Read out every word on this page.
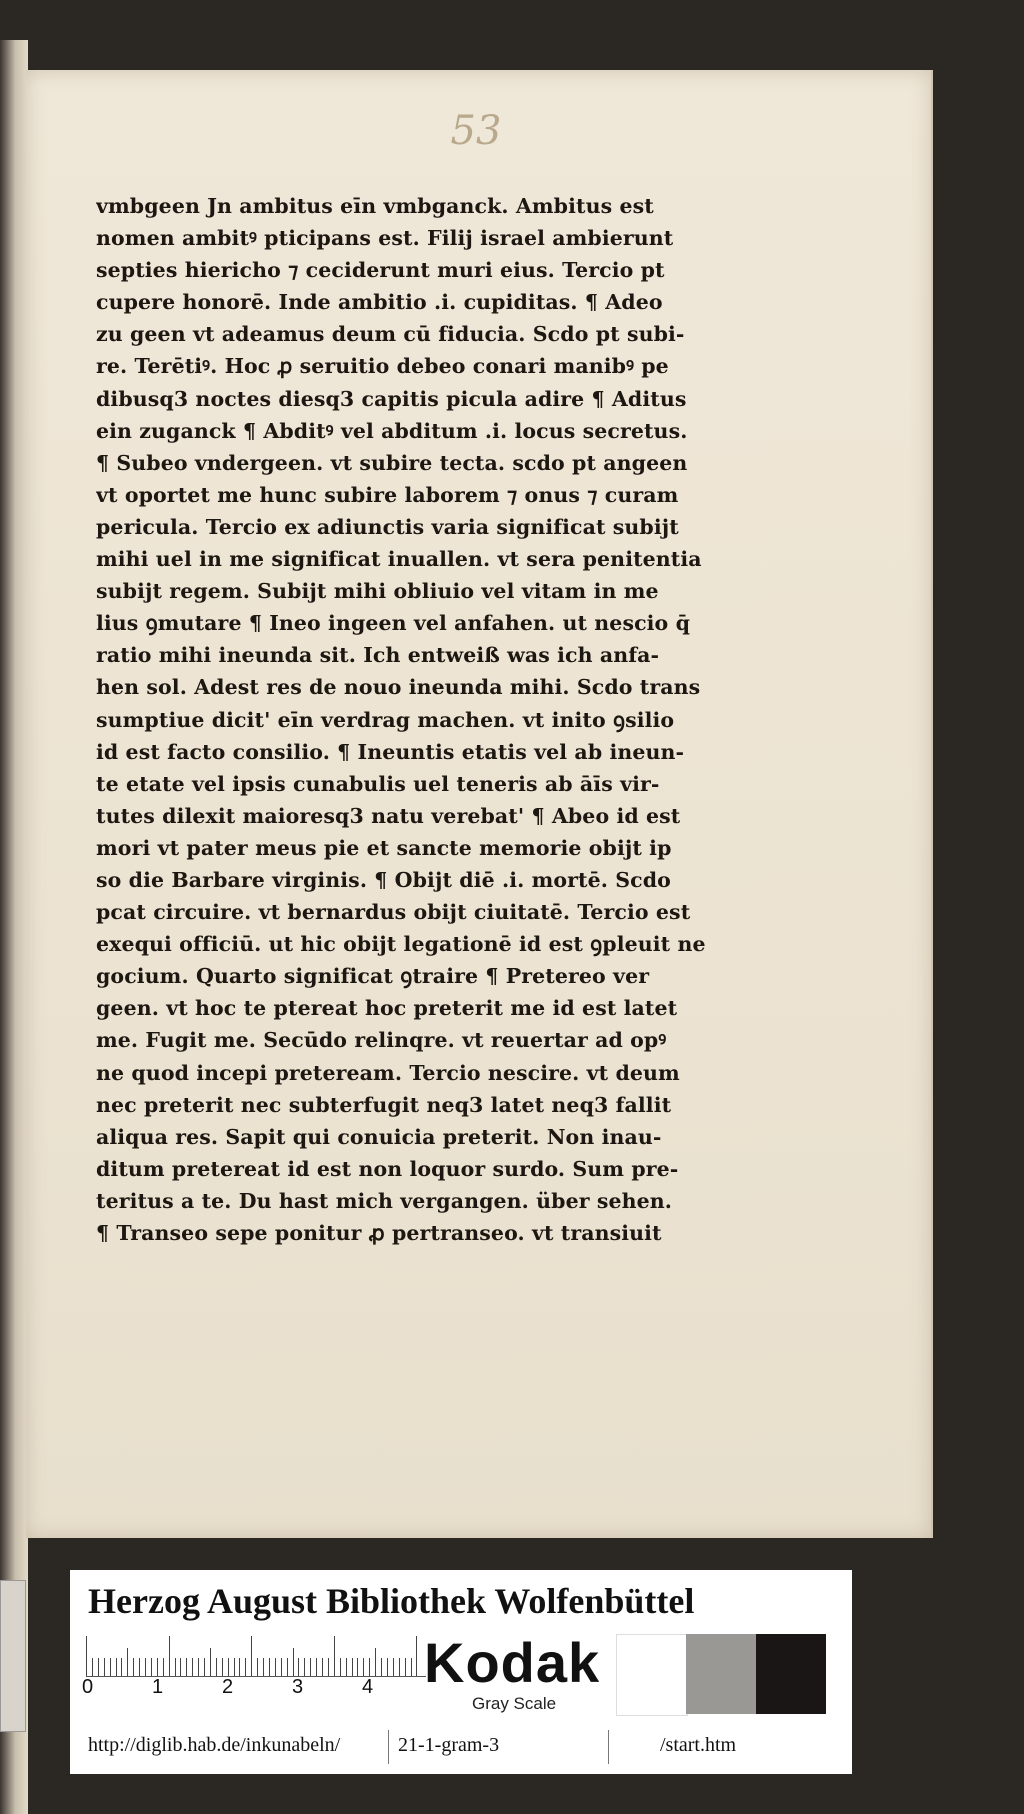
53
vmbgeen Jn ambitus eīn vmbganck. Ambitus est
nomen ambitꝰ pticipans est. Filij israel ambierunt
septies hiericho ⁊ ceciderunt muri eius. Tercio pt
cupere honorē. Inde ambitio .i. cupiditas. ¶ Adeo
zu geen vt adeamus deum cū fiducia. Scdo pt subi-
re. Terētiꝰ. Hoc ꝓ seruitio debeo conari manibꝰ pe
dibusq3 noctes diesq3 capitis picula adire ¶ Aditus
ein zuganck ¶ Abditꝰ vel abditum .i. locus secretus.
¶ Subeo vndergeen. vt subire tecta. scdo pt angeen
vt oportet me hunc subire laborem ⁊ onus ⁊ curam
pericula. Tercio ex adiunctis varia significat subijt
mihi uel in me significat inuallen. vt sera penitentia
subijt regem. Subijt mihi obliuio vel vitam in me
lius ꝯmutare ¶ Ineo ingeen vel anfahen. ut nescio q̄
ratio mihi ineunda sit. Ich entweiß was ich anfa-
hen sol. Adest res de nouo ineunda mihi. Scdo trans
sumptiue dicit' eīn verdrag machen. vt inito ꝯsilio
id est facto consilio. ¶ Ineuntis etatis vel ab ineun-
te etate vel ipsis cunabulis uel teneris ab āīs vir-
tutes dilexit maioresq3 natu verebat' ¶ Abeo id est
mori vt pater meus pie et sancte memorie obijt ip
so die Barbare virginis. ¶ Obijt diē .i. mortē. Scdo
pcat circuire. vt bernardus obijt ciuitatē. Tercio est
exequi officiū. ut hic obijt legationē id est ꝯpleuit ne
gocium. Quarto significat ꝯtraire ¶ Pretereo ver
geen. vt hoc te ptereat hoc preterit me id est latet
me. Fugit me. Secūdo relinqre. vt reuertar ad opꝰ
ne quod incepi preteream. Tercio nescire. vt deum
nec preterit nec subterfugit neq3 latet neq3 fallit
aliqua res. Sapit qui conuicia preterit. Non inau-
ditum pretereat id est non loquor surdo. Sum pre-
teritus a te. Du hast mich vergangen. über sehen.
¶ Transeo sepe ponitur ꝓ pertranseo. vt transiuit
Herzog August Bibliothek Wolfenbüttel
0	1	2	3	4 Kodak
Gray Scale
http://diglib.hab.de/inkunabeln/	21-1-gram-3	/start.htm
